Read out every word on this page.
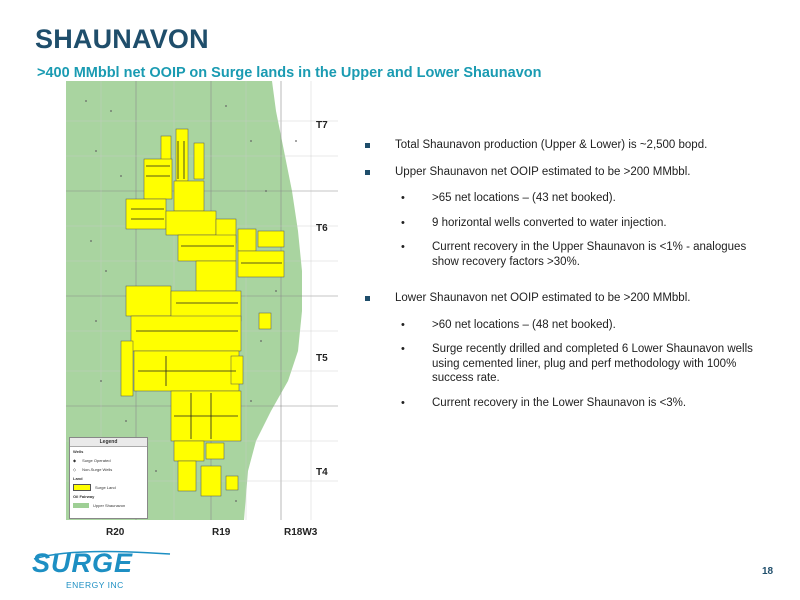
SHAUNAVON
>400 MMbbl net OOIP on Surge lands in the Upper and Lower Shaunavon
T7
T6
T5
T4
R20	R19	R18W3
Legend
Wells
◆ Surge Operated
◇ Non-Surge Wells
Land
Surge Land
Oil Fairway
Upper Shaunavon
Total Shaunavon production (Upper & Lower) is ~2,500 bopd.
Upper Shaunavon net OOIP estimated to be >200 MMbbl.
• >65 net locations – (43 net booked).
• 9 horizontal wells converted to water injection.
• Current recovery in the Upper Shaunavon is <1% - analogues show recovery factors >30%.
Lower Shaunavon net OOIP estimated to be >200 MMbbl.
• >60 net locations – (48 net booked).
• Surge recently drilled and completed 6 Lower Shaunavon wells using cemented liner, plug and perf methodology with 100% success rate.
• Current recovery in the Lower Shaunavon is <3%.
SURGE
ENERGY INC
18
